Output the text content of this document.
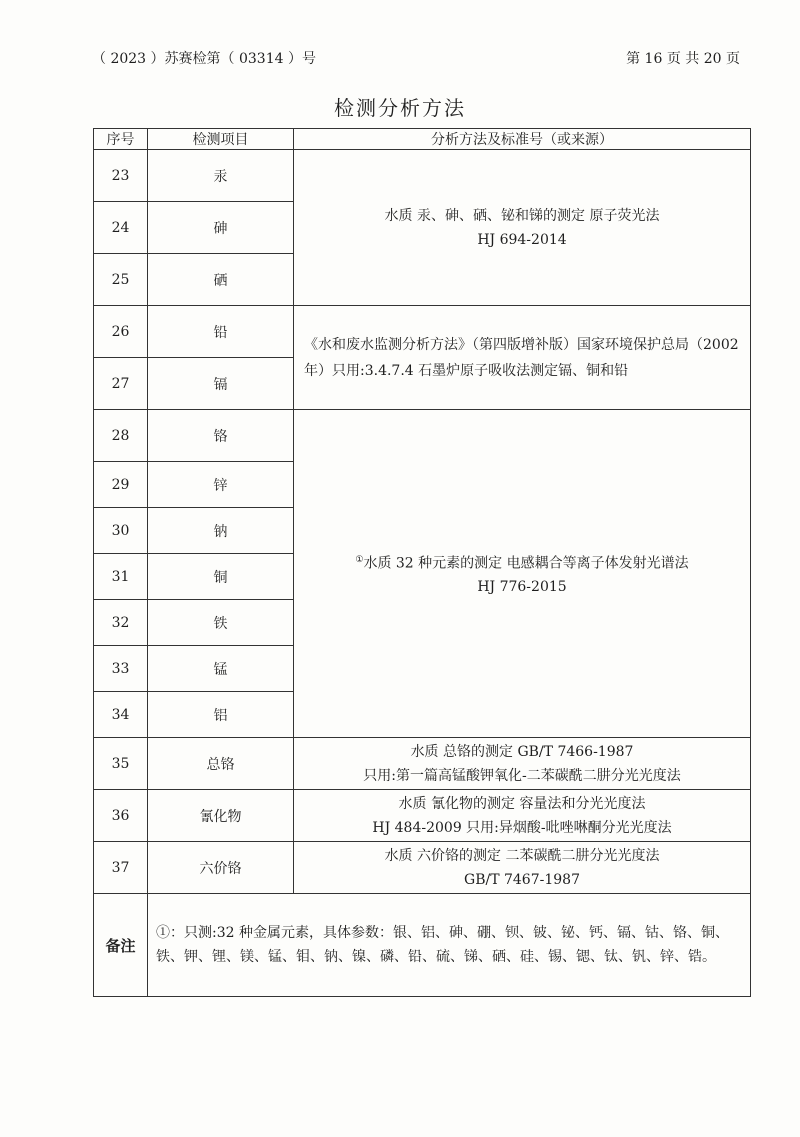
（ 2023 ）苏赛检第（ 03314 ）号	第 16 页 共 20 页
检测分析方法
序号	检测项目	分析方法及标准号（或来源）
23	汞	水质 汞、砷、硒、铋和锑的测定 原子荧光法
HJ 694-2014

24	砷	
25	硒	
26	铅	《水和废水监测分析方法》（第四版增补版）国家环境保护总局（2002 年）只用:3.4.7.4 石墨炉原子吸收法测定镉、铜和铅
27	镉	
28	铬	①水质 32 种元素的测定 电感耦合等离子体发射光谱法
HJ 776-2015

29	锌	
30	钠	
31	铜	
32	铁	
33	锰	
34	铝	
35	总铬	水质 总铬的测定 GB/T 7466-1987
只用:第一篇高锰酸钾氧化-二苯碳酰二肼分光光度法

36	氰化物	水质 氰化物的测定 容量法和分光光度法
HJ 484-2009 只用:异烟酸-吡唑啉酮分光光度法

37	六价铬	水质 六价铬的测定 二苯碳酰二肼分光光度法
GB/T 7467-1987

备注	①：只测:32 种金属元素，具体参数：银、铝、砷、硼、钡、铍、铋、钙、镉、钴、铬、铜、铁、钾、锂、镁、锰、钼、钠、镍、磷、铅、硫、锑、硒、硅、锡、锶、钛、钒、锌、锆。	
